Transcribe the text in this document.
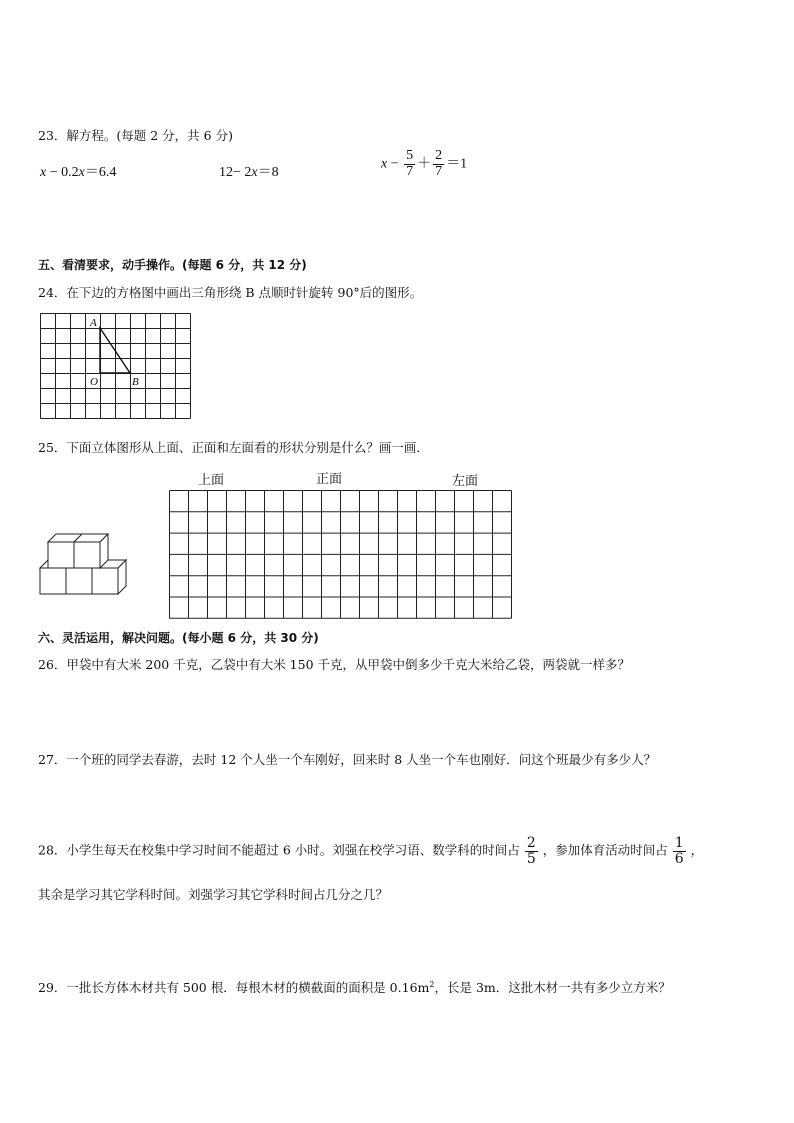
23．解方程。(每题 2 分，共 6 分)
x − 0.2x＝6.4	12− 2x＝8
$x - \frac{5}{7} + \frac{2}{7} =1$
五、看清要求，动手操作。(每题 6 分，共 12 分)
24．在下边的方格图中画出三角形绕 B 点顺时针旋转 90°后的图形。
A
O	B
25．下面立体图形从上面、正面和左面看的形状分别是什么？画一画．
上面	正面	左面
六、灵活运用，解决问题。(每小题 6 分，共 30 分)
26．甲袋中有大米 200 千克，乙袋中有大米 150 千克，从甲袋中倒多少千克大米给乙袋，两袋就一样多？
27．一个班的同学去春游，去时 12 个人坐一个车刚好，回来时 8 人坐一个车也刚好．问这个班最少有多少人？
28．小学生每天在校集中学习时间不能超过 6 小时。刘强在校学习语、数学科的时间占 $\frac{2}{5}$ ，参加体育活动时间占 $\frac{1}{6}$ ，
其余是学习其它学科时间。刘强学习其它学科时间占几分之几？
29．一批长方体木材共有 500 根．每根木材的横截面的面积是 $0.16m^2$，长是 3m．这批木材一共有多少立方米？
